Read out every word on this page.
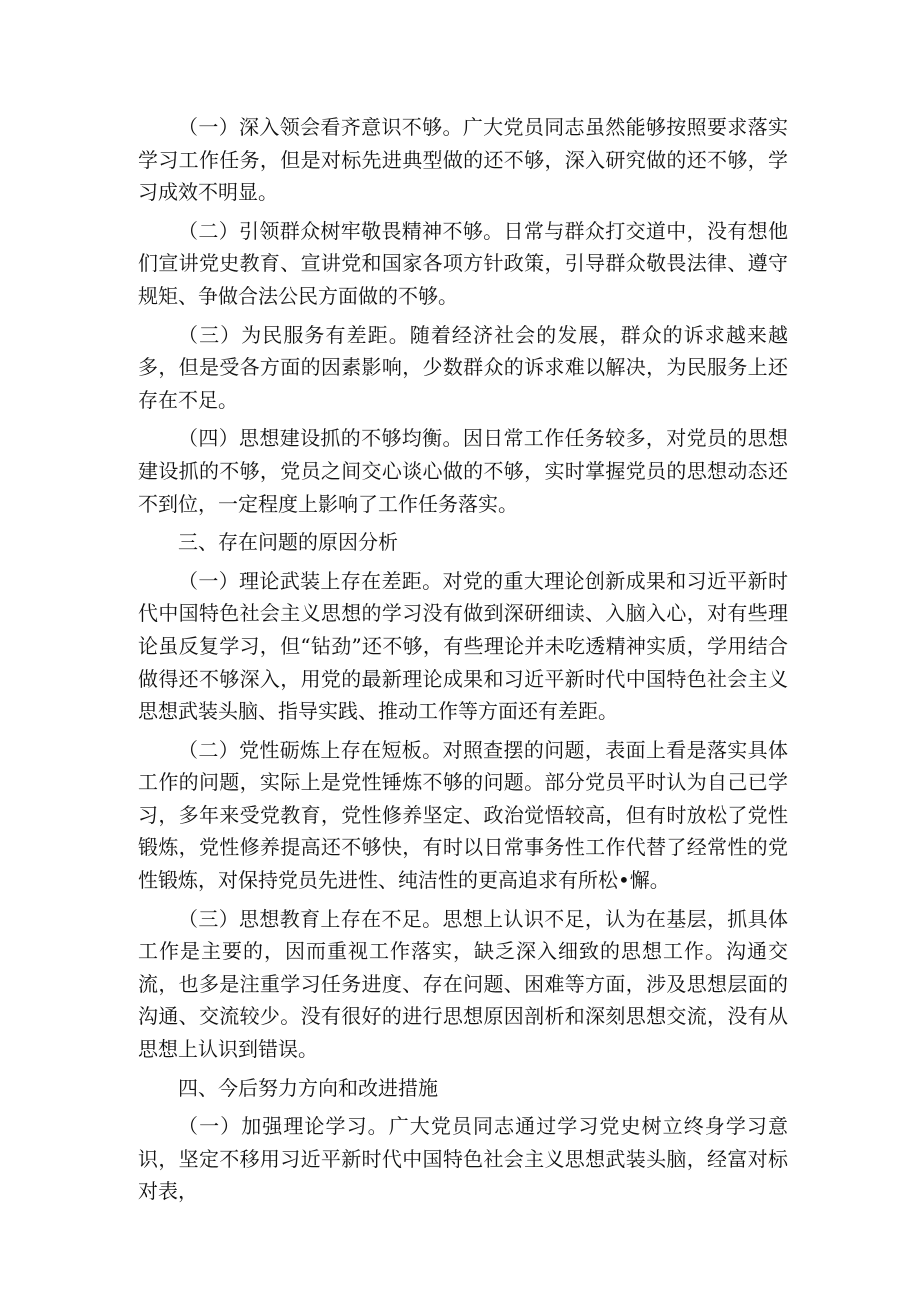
（一）深入领会看齐意识不够。广大党员同志虽然能够按照要求落实学习工作任务，但是对标先进典型做的还不够，深入研究做的还不够，学习成效不明显。

（二）引领群众树牢敬畏精神不够。日常与群众打交道中，没有想他们宣讲党史教育、宣讲党和国家各项方针政策，引导群众敬畏法律、遵守规矩、争做合法公民方面做的不够。

（三）为民服务有差距。随着经济社会的发展，群众的诉求越来越多，但是受各方面的因素影响，少数群众的诉求难以解决，为民服务上还存在不足。

（四）思想建设抓的不够均衡。因日常工作任务较多，对党员的思想建设抓的不够，党员之间交心谈心做的不够，实时掌握党员的思想动态还不到位，一定程度上影响了工作任务落实。

三、存在问题的原因分析

（一）理论武装上存在差距。对党的重大理论创新成果和习近平新时代中国特色社会主义思想的学习没有做到深研细读、入脑入心，对有些理论虽反复学习，但“钻劲”还不够，有些理论并未吃透精神实质，学用结合做得还不够深入，用党的最新理论成果和习近平新时代中国特色社会主义思想武装头脑、指导实践、推动工作等方面还有差距。

（二）党性砺炼上存在短板。对照查摆的问题，表面上看是落实具体工作的问题，实际上是党性锤炼不够的问题。部分党员平时认为自己已学习，多年来受党教育，党性修养坚定、政治觉悟较高，但有时放松了党性锻炼，党性修养提高还不够快，有时以日常事务性工作代替了经常性的党性锻炼，对保持党员先进性、纯洁性的更高追求有所松•懈。

（三）思想教育上存在不足。思想上认识不足，认为在基层，抓具体工作是主要的，因而重视工作落实，缺乏深入细致的思想工作。沟通交流，也多是注重学习任务进度、存在问题、困难等方面，涉及思想层面的沟通、交流较少。没有很好的进行思想原因剖析和深刻思想交流，没有从思想上认识到错误。

四、今后努力方向和改进措施

（一）加强理论学习。广大党员同志通过学习党史树立终身学习意识，坚定不移用习近平新时代中国特色社会主义思想武装头脑，经富对标对表，
